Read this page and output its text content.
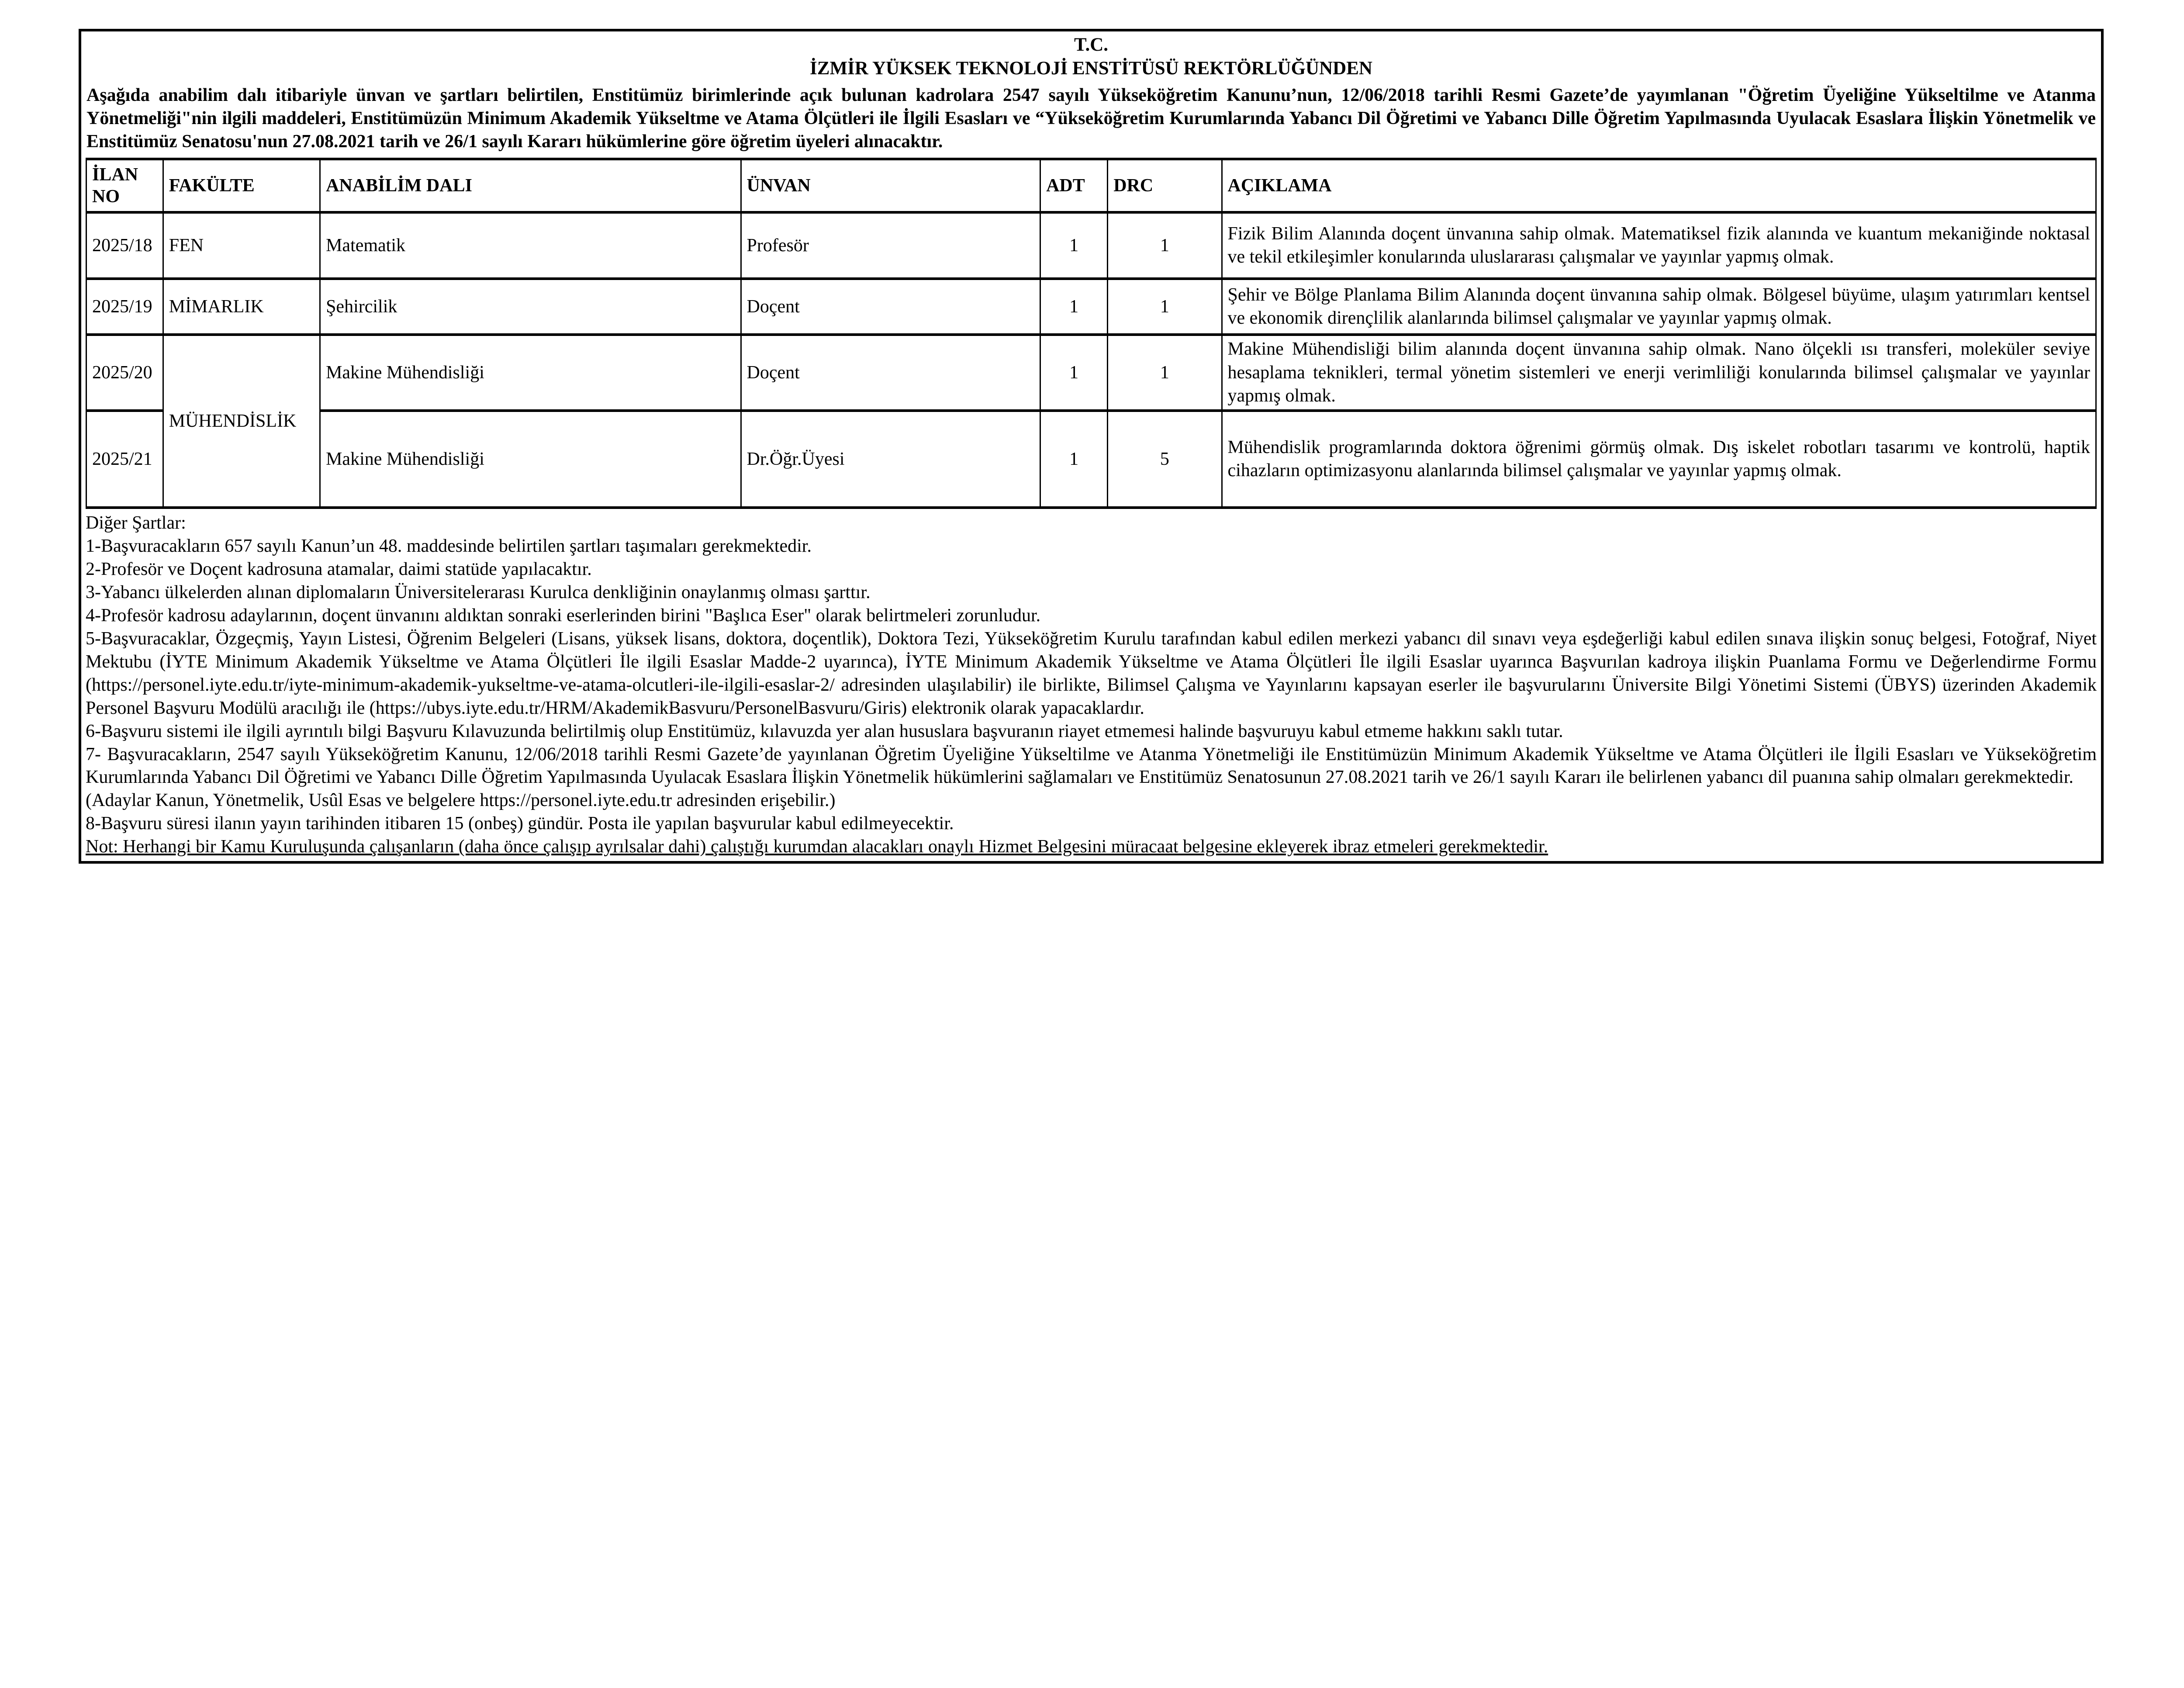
T.C.
İZMİR YÜKSEK TEKNOLOJİ ENSTİTÜSÜ REKTÖRLÜĞÜNDEN

Aşağıda anabilim dalı itibariyle ünvan ve şartları belirtilen, Enstitümüz birimlerinde açık bulunan kadrolara 2547 sayılı Yükseköğretim Kanunu’nun, 12/06/2018 tarihli Resmi Gazete’de yayımlanan "Öğretim Üyeliğine Yükseltilme ve Atanma Yönetmeliği"nin ilgili maddeleri, Enstitümüzün Minimum Akademik Yükseltme ve Atama Ölçütleri ile İlgili Esasları ve “Yükseköğretim Kurumlarında Yabancı Dil Öğretimi ve Yabancı Dille Öğretim Yapılmasında Uyulacak Esaslara İlişkin Yönetmelik ve Enstitümüz Senatosu'nun 27.08.2021 tarih ve 26/1 sayılı Kararı hükümlerine göre öğretim üyeleri alınacaktır.

İLAN NO	FAKÜLTE	ANABİLİM DALI	ÜNVAN	ADT	DRC	AÇIKLAMA
2025/18	FEN	Matematik	Profesör	1	1	Fizik Bilim Alanında doçent ünvanına sahip olmak. Matematiksel fizik alanında ve kuantum mekaniğinde noktasal ve tekil etkileşimler konularında uluslararası çalışmalar ve yayınlar yapmış olmak.
2025/19	MİMARLIK	Şehircilik	Doçent	1	1	Şehir ve Bölge Planlama Bilim Alanında doçent ünvanına sahip olmak. Bölgesel büyüme, ulaşım yatırımları kentsel ve ekonomik dirençlilik alanlarında bilimsel çalışmalar ve yayınlar yapmış olmak.
2025/20	MÜHENDİSLİK	Makine Mühendisliği	Doçent	1	1	Makine Mühendisliği bilim alanında doçent ünvanına sahip olmak. Nano ölçekli ısı transferi, moleküler seviye hesaplama teknikleri, termal yönetim sistemleri ve enerji verimliliği konularında bilimsel çalışmalar ve yayınlar yapmış olmak.
2025/21		Makine Mühendisliği	Dr.Öğr.Üyesi	1	5	Mühendislik programlarında doktora öğrenimi görmüş olmak. Dış iskelet robotları tasarımı ve kontrolü, haptik cihazların optimizasyonu alanlarında bilimsel çalışmalar ve yayınlar yapmış olmak.

Diğer Şartlar:

1-Başvuracakların 657 sayılı Kanun’un 48. maddesinde belirtilen şartları taşımaları gerekmektedir.

2-Profesör ve Doçent kadrosuna atamalar, daimi statüde yapılacaktır.

3-Yabancı ülkelerden alınan diplomaların Üniversitelerarası Kurulca denkliğinin onaylanmış olması şarttır.

4-Profesör kadrosu adaylarının, doçent ünvanını aldıktan sonraki eserlerinden birini "Başlıca Eser" olarak belirtmeleri zorunludur.

5-Başvuracaklar, Özgeçmiş, Yayın Listesi, Öğrenim Belgeleri (Lisans, yüksek lisans, doktora, doçentlik), Doktora Tezi, Yükseköğretim Kurulu tarafından kabul edilen merkezi yabancı dil sınavı veya eşdeğerliği kabul edilen sınava ilişkin sonuç belgesi, Fotoğraf, Niyet Mektubu (İYTE Minimum Akademik Yükseltme ve Atama Ölçütleri İle ilgili Esaslar Madde-2 uyarınca), İYTE Minimum Akademik Yükseltme ve Atama Ölçütleri İle ilgili Esaslar uyarınca Başvurılan kadroya ilişkin Puanlama Formu ve Değerlendirme Formu (https://personel.iyte.edu.tr/iyte-minimum-akademik-yukseltme-ve-atama-olcutleri-ile-ilgili-esaslar-2/ adresinden ulaşılabilir) ile birlikte, Bilimsel Çalışma ve Yayınlarını kapsayan eserler ile başvurularını Üniversite Bilgi Yönetimi Sistemi (ÜBYS) üzerinden Akademik Personel Başvuru Modülü aracılığı ile (https://ubys.iyte.edu.tr/HRM/AkademikBasvuru/PersonelBasvuru/Giris) elektronik olarak yapacaklardır.

6-Başvuru sistemi ile ilgili ayrıntılı bilgi Başvuru Kılavuzunda belirtilmiş olup Enstitümüz, kılavuzda yer alan hususlara başvuranın riayet etmemesi halinde başvuruyu kabul etmeme hakkını saklı tutar.

7- Başvuracakların, 2547 sayılı Yükseköğretim Kanunu, 12/06/2018 tarihli Resmi Gazete’de yayınlanan Öğretim Üyeliğine Yükseltilme ve Atanma Yönetmeliği ile Enstitümüzün Minimum Akademik Yükseltme ve Atama Ölçütleri ile İlgili Esasları ve Yükseköğretim Kurumlarında Yabancı Dil Öğretimi ve Yabancı Dille Öğretim Yapılmasında Uyulacak Esaslara İlişkin Yönetmelik hükümlerini sağlamaları ve Enstitümüz Senatosunun 27.08.2021 tarih ve 26/1 sayılı Kararı ile belirlenen yabancı dil puanına sahip olmaları gerekmektedir.

(Adaylar Kanun, Yönetmelik, Usûl Esas ve belgelere https://personel.iyte.edu.tr adresinden erişebilir.)

8-Başvuru süresi ilanın yayın tarihinden itibaren 15 (onbeş) gündür. Posta ile yapılan başvurular kabul edilmeyecektir.

Not: Herhangi bir Kamu Kuruluşunda çalışanların (daha önce çalışıp ayrılsalar dahi) çalıştığı kurumdan alacakları onaylı Hizmet Belgesini müracaat belgesine ekleyerek ibraz etmeleri gerekmektedir.
